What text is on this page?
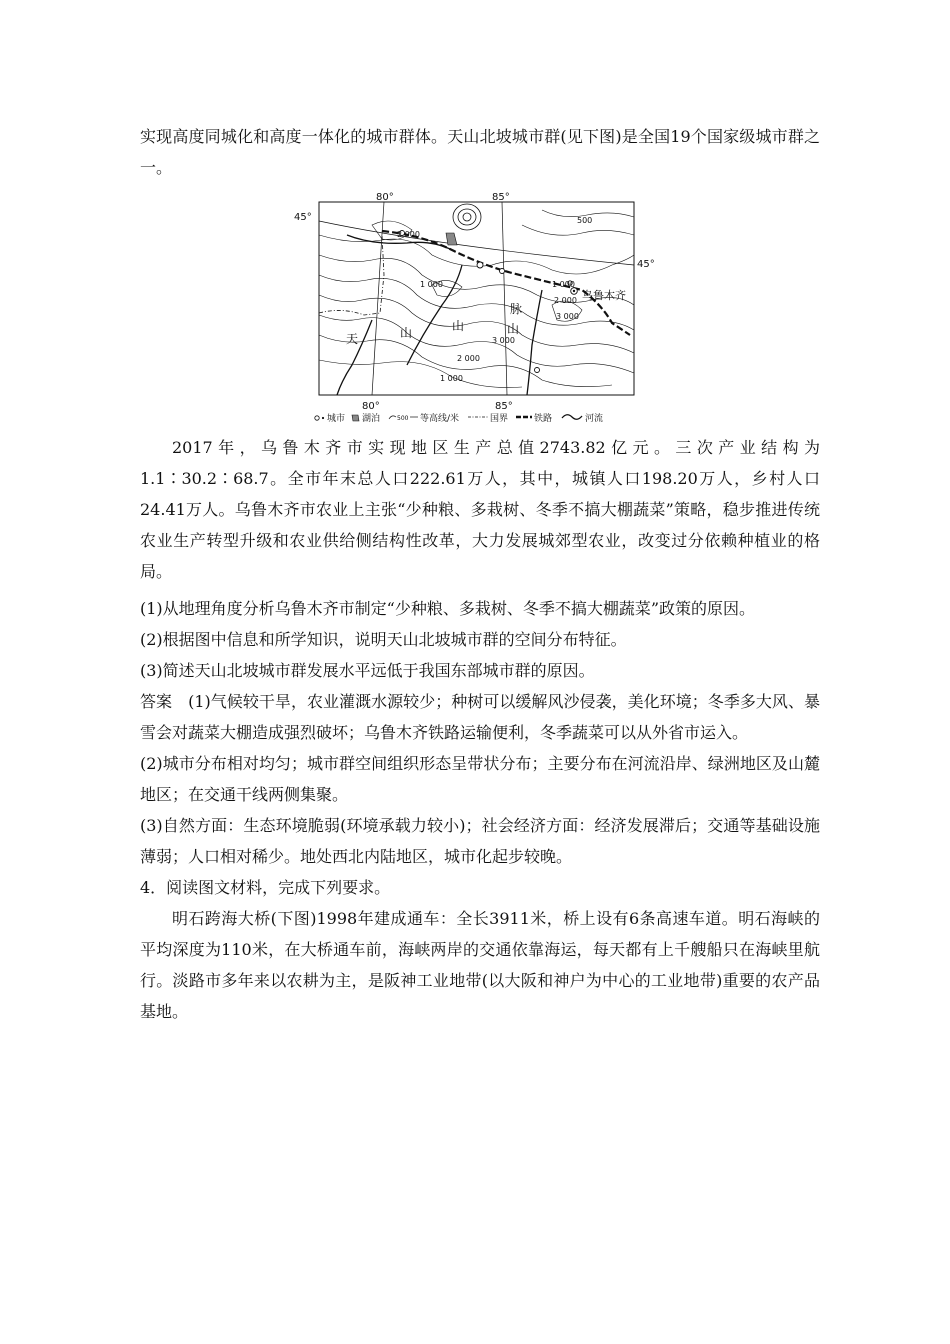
实现高度同城化和高度一体化的城市群体。天山北坡城市群(见下图)是全国19个国家级城市群之一。

80°	85°
80°	85°
45°
45°
乌鲁木齐
500
2 000
1 000	1 000
2 000
3 000
3 000
2 000
1 000
天	山	山	山
脉
城市 湖泊	500 等高线/米	国界	铁路	河流

2017年，乌鲁木齐市实现地区生产总值2743.82亿元。三次产业结构为1.1∶30.2∶68.7。全市年末总人口222.61万人，其中，城镇人口198.20万人，乡村人口24.41万人。乌鲁木齐市农业上主张“少种粮、多栽树、冬季不搞大棚蔬菜”策略，稳步推进传统农业生产转型升级和农业供给侧结构性改革，大力发展城郊型农业，改变过分依赖种植业的格局。

(1)从地理角度分析乌鲁木齐市制定“少种粮、多栽树、冬季不搞大棚蔬菜”政策的原因。

(2)根据图中信息和所学知识，说明天山北坡城市群的空间分布特征。

(3)简述天山北坡城市群发展水平远低于我国东部城市群的原因。

答案 (1)气候较干旱，农业灌溉水源较少；种树可以缓解风沙侵袭，美化环境；冬季多大风、暴雪会对蔬菜大棚造成强烈破坏；乌鲁木齐铁路运输便利，冬季蔬菜可以从外省市运入。

(2)城市分布相对均匀；城市群空间组织形态呈带状分布；主要分布在河流沿岸、绿洲地区及山麓地区；在交通干线两侧集聚。

(3)自然方面：生态环境脆弱(环境承载力较小)；社会经济方面：经济发展滞后；交通等基础设施薄弱；人口相对稀少。地处西北内陆地区，城市化起步较晚。

4．阅读图文材料，完成下列要求。

明石跨海大桥(下图)1998年建成通车：全长3911米，桥上设有6条高速车道。明石海峡的平均深度为110米，在大桥通车前，海峡两岸的交通依靠海运，每天都有上千艘船只在海峡里航行。淡路市多年来以农耕为主，是阪神工业地带(以大阪和神户为中心的工业地带)重要的农产品基地。
